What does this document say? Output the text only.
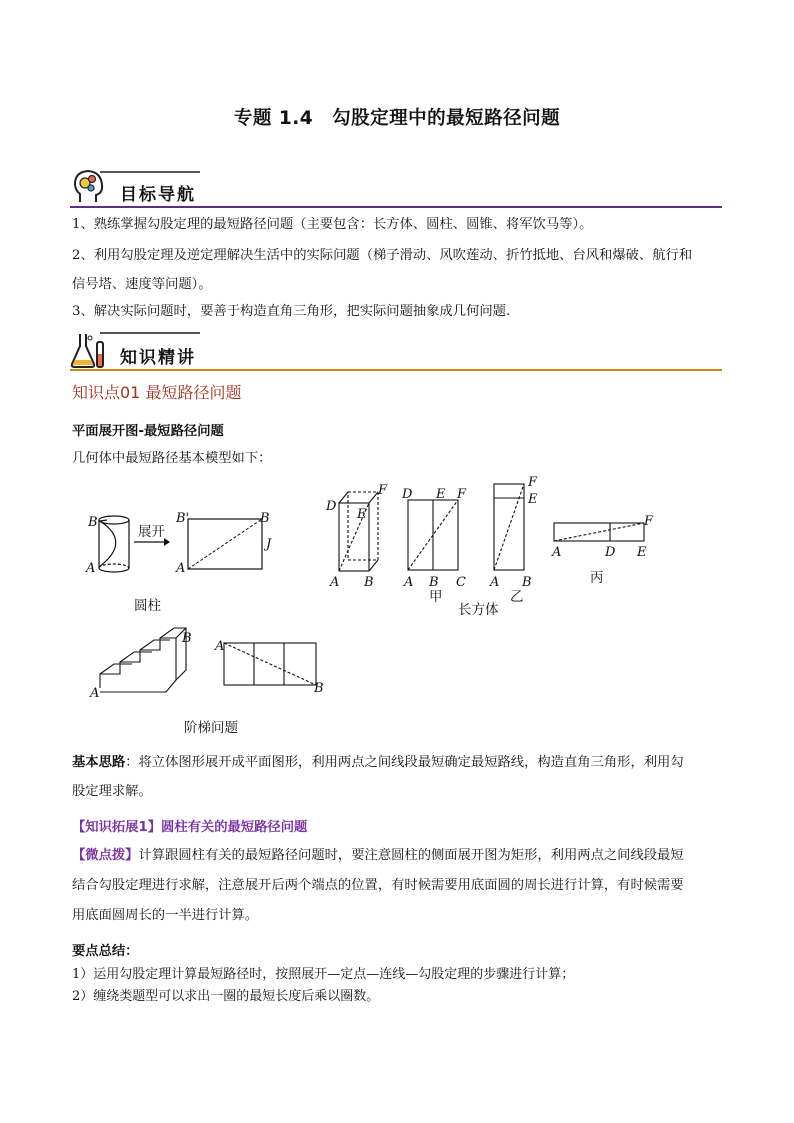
专题 1.4　勾股定理中的最短路径问题
目标导航
1、熟练掌握勾股定理的最短路径问题（主要包含：长方体、圆柱、圆锥、将军饮马等）。
2、利用勾股定理及逆定理解决生活中的实际问题（梯子滑动、风吹莲动、折竹抵地、台风和爆破、航行和
信号塔、速度等问题）。
3、解决实际问题时，要善于构造直角三角形，把实际问题抽象成几何问题.
知识精讲
知识点01 最短路径问题
平面展开图-最短路径问题
几何体中最短路径基本模型如下：
B
A
展开
B'	B
A
J
圆柱
D
F
E
A B
D E F
A B C
甲
F
E
A B
乙
F
A	D E
丙
长方体
B
A
A
B
阶梯问题
基本思路：将立体图形展开成平面图形，利用两点之间线段最短确定最短路线，构造直角三角形，利用勾
股定理求解。
【知识拓展1】圆柱有关的最短路径问题
【微点拨】计算跟圆柱有关的最短路径问题时，要注意圆柱的侧面展开图为矩形，利用两点之间线段最短
结合勾股定理进行求解，注意展开后两个端点的位置，有时候需要用底面圆的周长进行计算，有时候需要
用底面圆周长的一半进行计算。
要点总结：
1）运用勾股定理计算最短路径时，按照展开—定点—连线—勾股定理的步骤进行计算；
2）缠绕类题型可以求出一圈的最短长度后乘以圈数。
